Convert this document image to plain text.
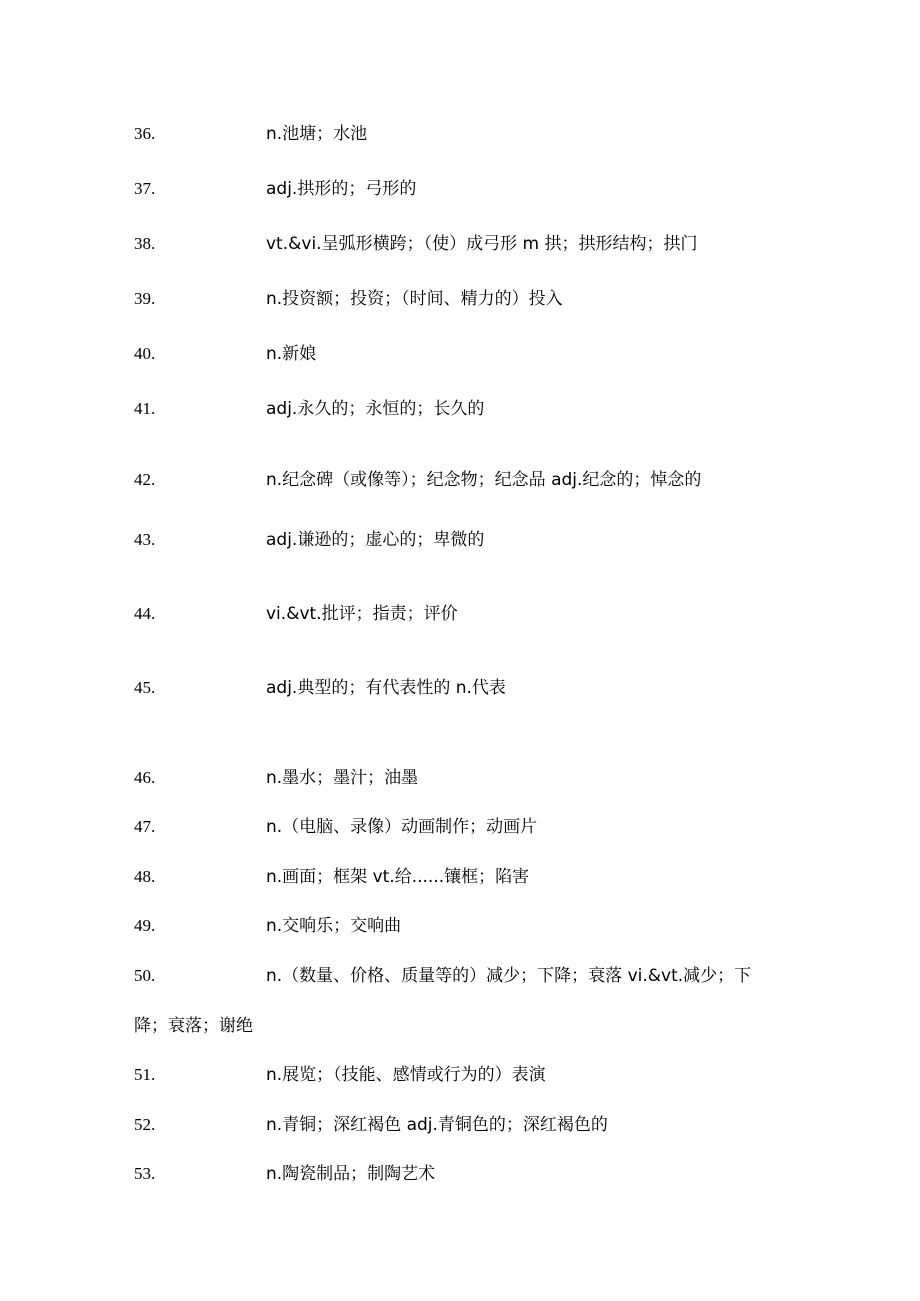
36.	n.池塘；水池
37.	adj.拱形的；弓形的
38.	vt.&vi.呈弧形横跨；（使）成弓形 m 拱；拱形结构；拱门
39.	n.投资额；投资；（时间、精力的）投入
40.	n.新娘
41.	adj.永久的；永恒的；长久的
42.	n.纪念碑（或像等）；纪念物；纪念品 adj.纪念的；悼念的
43.	adj.谦逊的；虚心的；卑微的
44.	vi.&vt.批评；指责；评价
45.	adj.典型的；有代表性的 n.代表
46.	n.墨水；墨汁；油墨
47.	n.（电脑、录像）动画制作；动画片
48.	n.画面；框架 vt.给......镶框；陷害
49.	n.交响乐；交响曲
50.	n.（数量、价格、质量等的）减少；下降；衰落 vi.&vt.减少；下
降；衰落；谢绝
51.	n.展览；（技能、感情或行为的）表演
52.	n.青铜；深红褐色 adj.青铜色的；深红褐色的
53.	n.陶瓷制品；制陶艺术
